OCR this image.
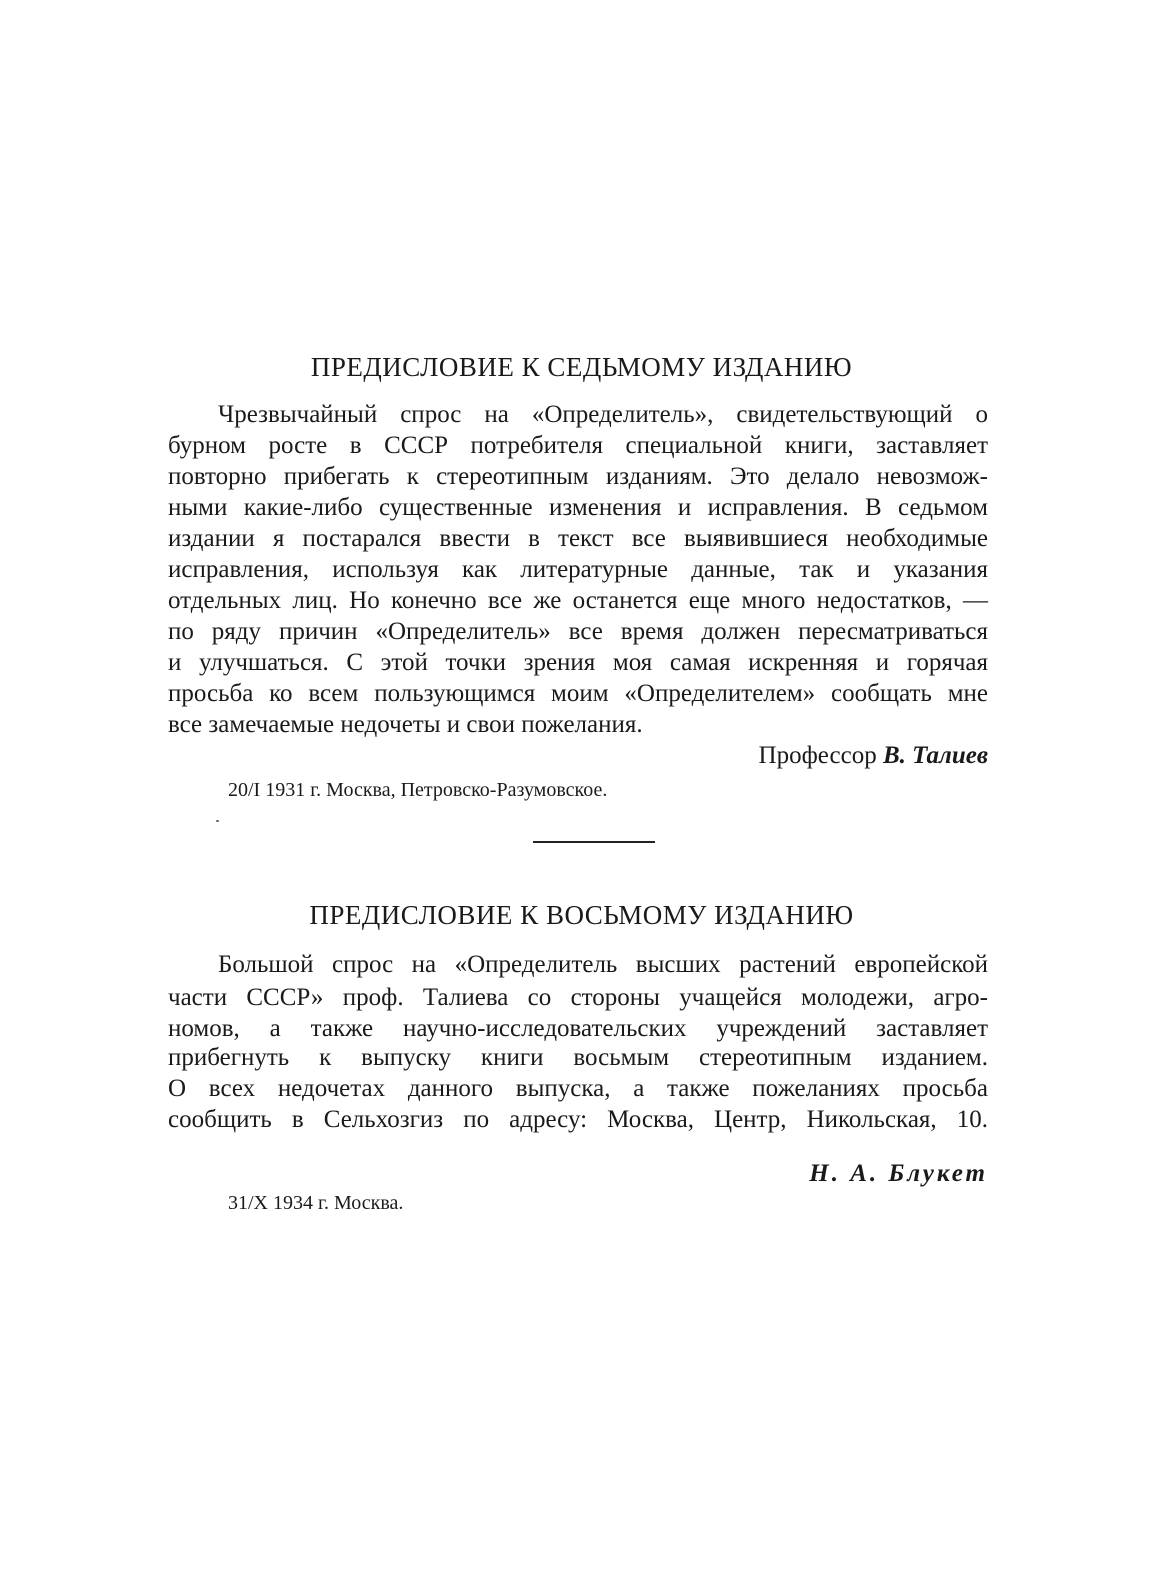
ПРЕДИСЛОВИЕ К СЕДЬМОМУ ИЗДАНИЮ
Чрезвычайный спрос на «Определитель», свидетельствующий о
бурном росте в СССР потребителя специальной книги, заставляет
повторно прибегать к стереотипным изданиям. Это делало невозмож-
ными какие-либо существенные изменения и исправления. В седьмом
издании я постарался ввести в текст все выявившиеся необходимые
исправления, используя как литературные данные, так и указания
отдельных лиц. Но конечно все же останется еще много недостатков, —
по ряду причин «Определитель» все время должен пересматриваться
и улучшаться. С этой точки зрения моя самая искренняя и горячая
просьба ко всем пользующимся моим «Определителем» сообщать мне
все замечаемые недочеты и свои пожелания.
Профессор В. Талиев
20/I 1931 г. Москва, Петровско-Разумовское.
ПРЕДИСЛОВИЕ К ВОСЬМОМУ ИЗДАНИЮ
Большой спрос на «Определитель высших растений европейской
части СССР» проф. Талиева со стороны учащейся молодежи, агро-
номов, а также научно-исследовательских учреждений заставляет
прибегнуть к выпуску книги восьмым стереотипным изданием.
О всех недочетах данного выпуска, а также пожеланиях просьба
сообщить в Сельхозгиз по адресу: Москва, Центр, Никольская, 10.
Н. А. Блукет
31/X 1934 г. Москва.
